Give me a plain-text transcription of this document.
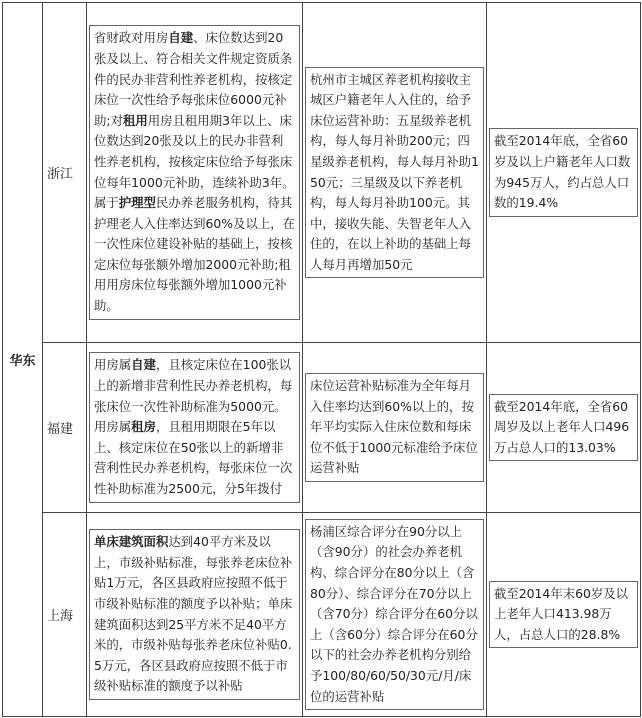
华东	浙江	省财政对用房自建、床位数达到20张及以上、符合相关文件规定资质条件的民办非营利性养老机构，按核定床位一次性给予每张床位6000元补助;对租用用房且租用期3年以上、床位数达到20张及以上的民办非营利性养老机构，按核定床位给予每张床位每年1000元补助，连续补助3年。属于护理型民办养老服务机构，待其护理老人入住率达到60%及以上，在一次性床位建设补贴的基础上，按核定床位每张额外增加2000元补助;租用用房床位每张额外增加1000元补助。	杭州市主城区养老机构接收主城区户籍老年人入住的，给予床位运营补助：五星级养老机构，每人每月补助200元；四星级养老机构，每人每月补助150元；三星级及以下养老机构，每人每月补助100元。其中，接收失能、失智老年人入住的，在以上补助的基础上每人每月再增加50元	截至2014年底，全省60岁及以上户籍老年人口数为945万人，约占总人口数的19.4%

	福建	用房属自建，且核定床位在100张以上的新增非营利性民办养老机构，每张床位一次性补助标准为5000元。用房属租房，且租用期限在5年以上、核定床位在50张以上的新增非营利性民办养老机构，每张床位一次性补助标准为2500元，分5年拨付	床位运营补贴标准为全年每月入住率均达到60%以上的，按年平均实际入住床位数和每床位不低于1000元标准给予床位运营补贴	截至2014年底，全省60周岁及以上老年人口496万占总人口的13.03%

	上海	单床建筑面积达到40平方米及以上，市级补贴标准，每张养老床位补贴1万元，各区县政府应按照不低于市级补贴标准的额度予以补贴；单床建筑面积达到25平方米不足40平方米的，市级补贴每张养老床位补贴0.5万元，各区县政府应按照不低于市级补贴标准的额度予以补贴	杨浦区综合评分在90分以上（含90分）的社会办养老机构、综合评分在80分以上（含80分）、综合评分在70分以上（含70分）综合评分在60分以上（含60分）综合评分在60分以下的社会办养老机构分别给予100/80/60/50/30元/月/床位的运营补贴	截至2014年末60岁及以上老年人口413.98万人，占总人口的28.8%
